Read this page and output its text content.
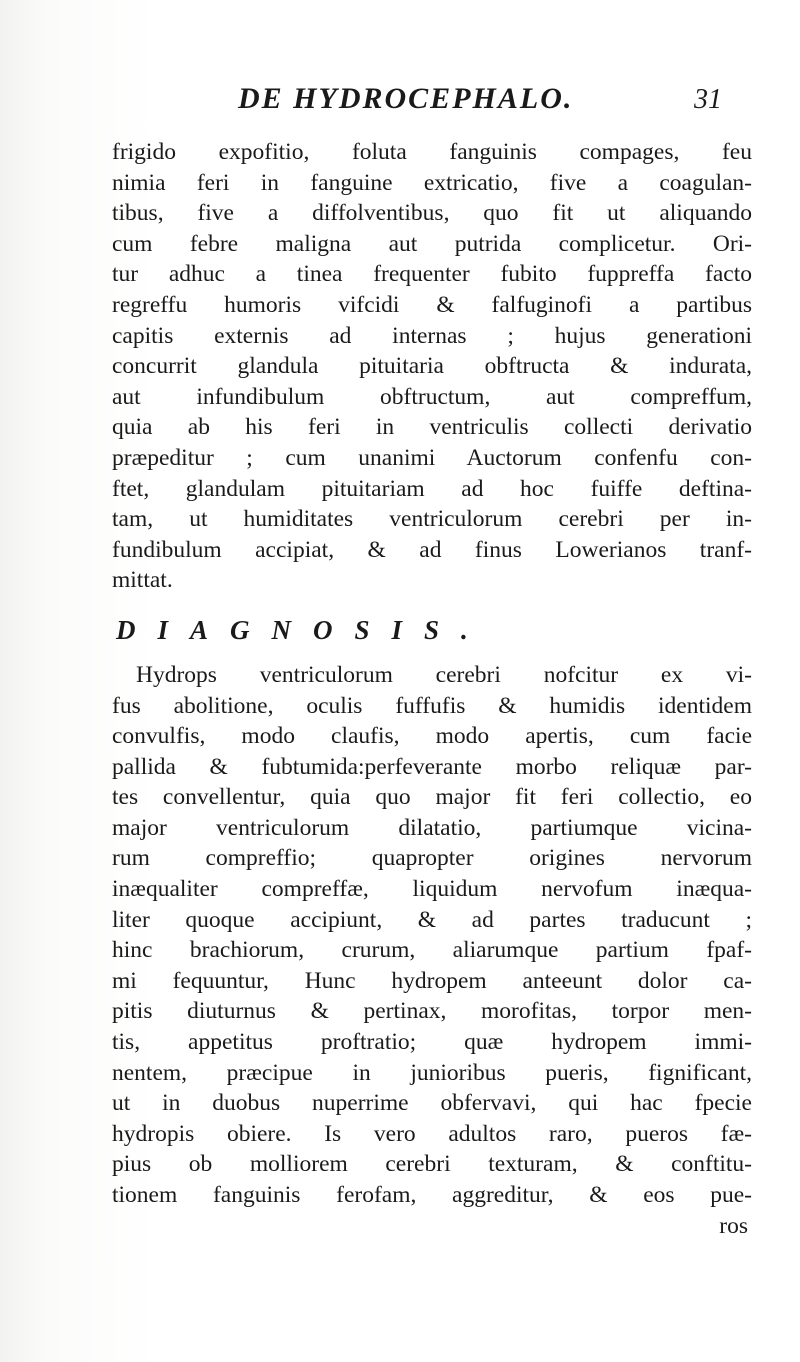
DE HYDROCEPHALO.	31
frigido expofitio, foluta fanguinis compages, feu
nimia feri in fanguine extricatio, five a coagulan-
tibus, five a diffolventibus, quo fit ut aliquando
cum febre maligna aut putrida complicetur. Ori-
tur adhuc a tinea frequenter fubito fuppreffa facto
regreffu humoris vifcidi & falfuginofi a partibus
capitis externis ad internas ; hujus generationi
concurrit glandula pituitaria obftructa & indurata,
aut infundibulum obftructum, aut compreffum,
quia ab his feri in ventriculis collecti derivatio
præpeditur ; cum unanimi Auctorum confenfu con-
ftet, glandulam pituitariam ad hoc fuiffe deftina-
tam, ut humiditates ventriculorum cerebri per in-
fundibulum accipiat, & ad finus Lowerianos tranf-
mittat.
DIAGNOSIS.
Hydrops ventriculorum cerebri nofcitur ex vi-
fus abolitione, oculis fuffufis & humidis identidem
convulfis, modo claufis, modo apertis, cum facie
pallida & fubtumida:perfeverante morbo reliquæ par-
tes convellentur, quia quo major fit feri collectio, eo
major ventriculorum dilatatio, partiumque vicina-
rum compreffio; quapropter origines nervorum
inæqualiter compreffæ, liquidum nervofum inæqua-
liter quoque accipiunt, & ad partes traducunt ;
hinc brachiorum, crurum, aliarumque partium fpaf-
mi fequuntur, Hunc hydropem anteeunt dolor ca-
pitis diuturnus & pertinax, morofitas, torpor men-
tis, appetitus proftratio; quæ hydropem immi-
nentem, præcipue in junioribus pueris, fignificant,
ut in duobus nuperrime obfervavi, qui hac fpecie
hydropis obiere. Is vero adultos raro, pueros fæ-
pius ob molliorem cerebri texturam, & conftitu-
tionem fanguinis ferofam, aggreditur, & eos pue-
ros
